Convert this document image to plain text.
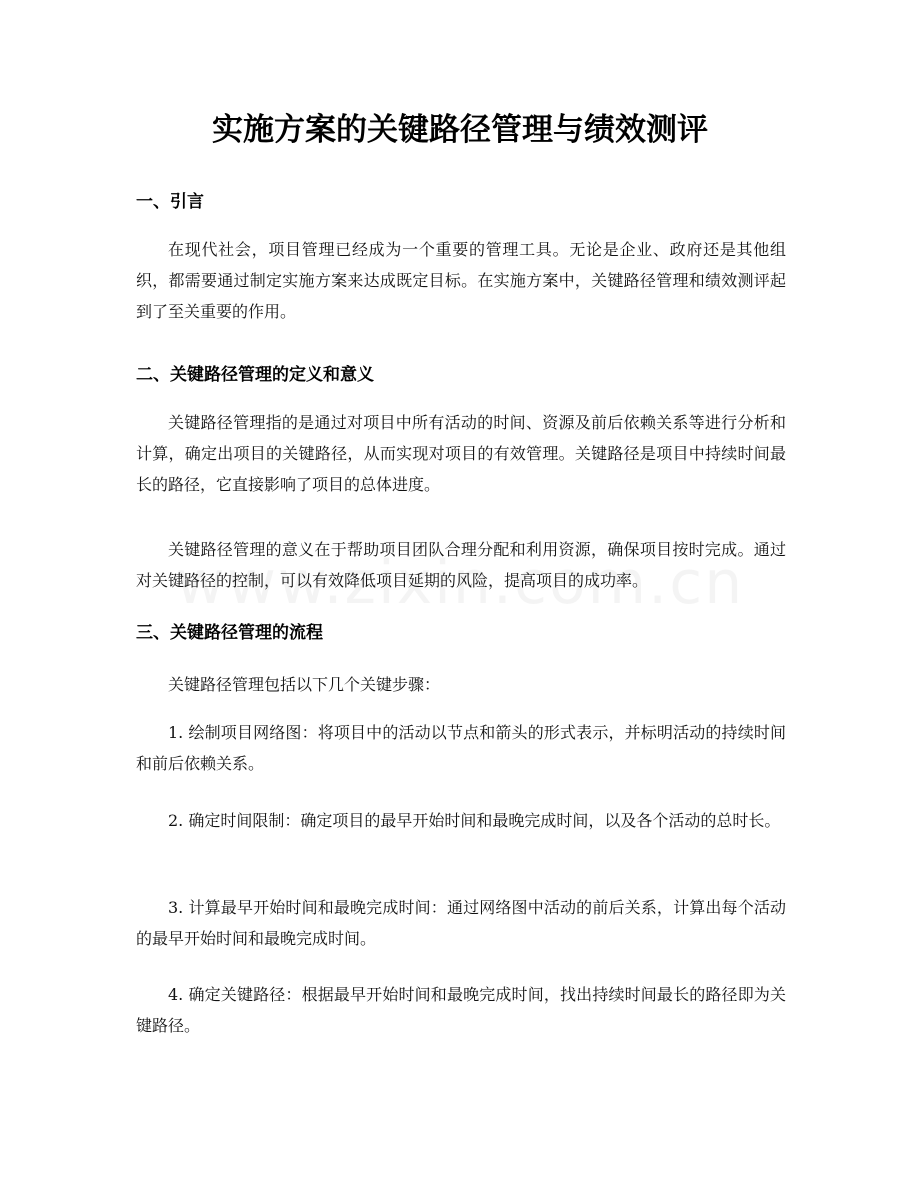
实施方案的关键路径管理与绩效测评
一、引言

在现代社会，项目管理已经成为一个重要的管理工具。无论是企业、政府还是其他组织，都需要通过制定实施方案来达成既定目标。在实施方案中，关键路径管理和绩效测评起到了至关重要的作用。

二、关键路径管理的定义和意义

关键路径管理指的是通过对项目中所有活动的时间、资源及前后依赖关系等进行分析和计算，确定出项目的关键路径，从而实现对项目的有效管理。关键路径是项目中持续时间最长的路径，它直接影响了项目的总体进度。

关键路径管理的意义在于帮助项目团队合理分配和利用资源，确保项目按时完成。通过对关键路径的控制，可以有效降低项目延期的风险，提高项目的成功率。

三、关键路径管理的流程

关键路径管理包括以下几个关键步骤：

1. 绘制项目网络图：将项目中的活动以节点和箭头的形式表示，并标明活动的持续时间和前后依赖关系。

2. 确定时间限制：确定项目的最早开始时间和最晚完成时间，以及各个活动的总时长。

3. 计算最早开始时间和最晚完成时间：通过网络图中活动的前后关系，计算出每个活动的最早开始时间和最晚完成时间。

4. 确定关键路径：根据最早开始时间和最晚完成时间，找出持续时间最长的路径即为关键路径。
